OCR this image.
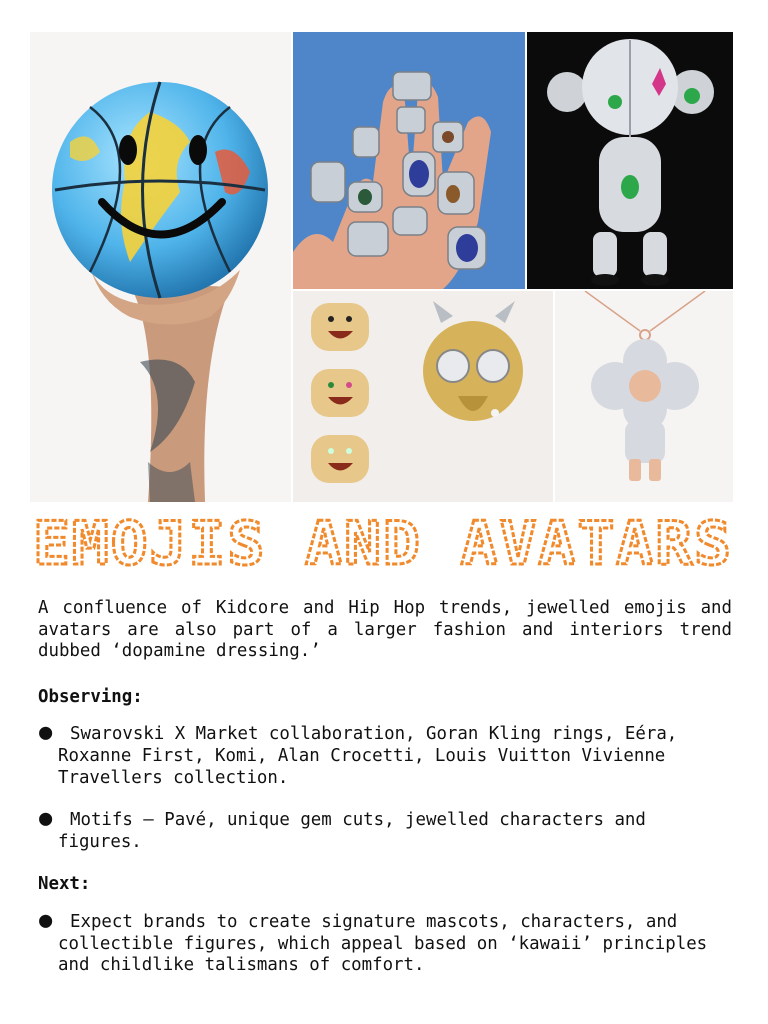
EMOJIS AND AVATARS

A confluence of Kidcore and Hip Hop trends, jewelled emojis and avatars are also part of a larger fashion and interiors trend dubbed ‘dopamine dressing.’

Observing:
●	Swarovski X Market collaboration, Goran Kling rings, Eéra, Roxanne First, Komi, Alan Crocetti, Louis Vuitton Vivienne Travellers collection.
●	Motifs – Pavé, unique gem cuts, jewelled characters and figures.
Next:
●	Expect brands to create signature mascots, characters, and collectible figures, which appeal based on ‘kawaii’ principles and childlike talismans of comfort.
